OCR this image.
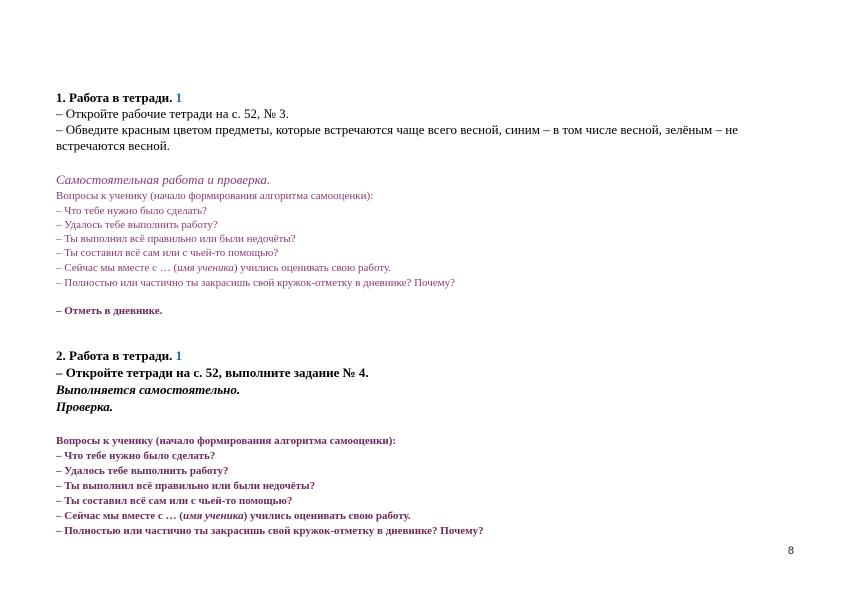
1. Работа в тетради. 1
– Откройте рабочие тетради на с. 52, № 3.
– Обведите красным цветом предметы, которые встречаются чаще всего весной, синим – в том числе весной, зелёным – не
встречаются весной.
Самостоятельная работа и проверка.
Вопросы к ученику (начало формирования алгоритма самооценки):
– Что тебе нужно было сделать?
– Удалось тебе выполнить работу?
– Ты выполнил всё правильно или были недочёты?
– Ты составил всё сам или с чьей-то помощью?
– Сейчас мы вместе с … (имя ученика) учились оценивать свою работу.
– Полностью или частично ты закрасишь свой кружок-отметку в дневнике? Почему?
– Отметь в дневнике.
2. Работа в тетради. 1
– Откройте тетради на с. 52, выполните задание № 4.
Выполняется самостоятельно.
Проверка.
Вопросы к ученику (начало формирования алгоритма самооценки):
– Что тебе нужно было сделать?
– Удалось тебе выполнить работу?
– Ты выполнил всё правильно или были недочёты?
– Ты составил всё сам или с чьей-то помощью?
– Сейчас мы вместе с … (имя ученика) учились оценивать свою работу.
– Полностью или частично ты закрасишь свой кружок-отметку в дневнике? Почему?
8
